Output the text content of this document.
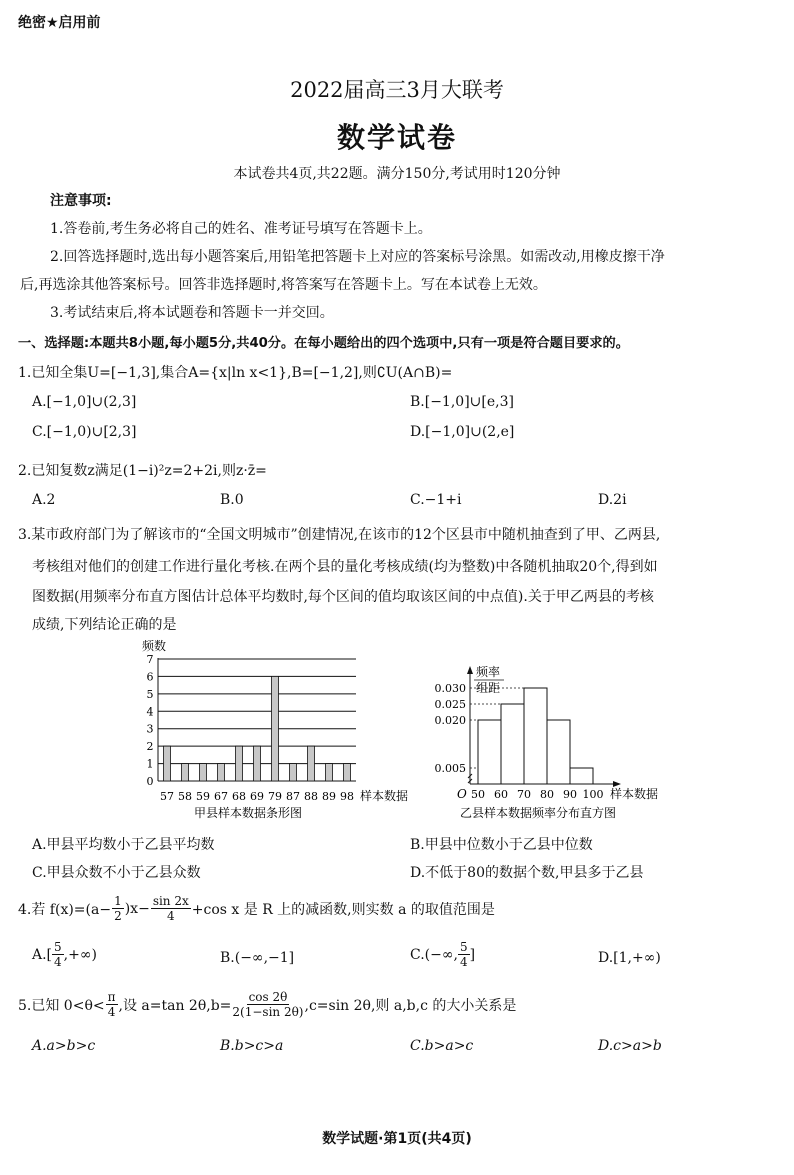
绝密★启用前
2022届高三3月大联考
数学试卷
本试卷共4页,共22题。满分150分,考试用时120分钟
注意事项:
1.答卷前,考生务必将自己的姓名、准考证号填写在答题卡上。
2.回答选择题时,选出每小题答案后,用铅笔把答题卡上对应的答案标号涂黑。如需改动,用橡皮擦干净
后,再选涂其他答案标号。回答非选择题时,将答案写在答题卡上。写在本试卷上无效。
3.考试结束后,将本试题卷和答题卡一并交回。
一、选择题:本题共8小题,每小题5分,共40分。在每小题给出的四个选项中,只有一项是符合题目要求的。
1.已知全集U=[−1,3],集合A={x|ln x<1},B=[−1,2],则∁U(A∩B)=
A.[−1,0]∪(2,3]	B.[−1,0]∪[e,3]
C.[−1,0)∪[2,3]	D.[−1,0]∪(2,e]
2.已知复数z满足(1−i)²z=2+2i,则z·z̄=
A.2	B.0	C.−1+i	D.2i
3.某市政府部门为了解该市的“全国文明城市”创建情况,在该市的12个区县市中随机抽查到了甲、乙两县,
考核组对他们的创建工作进行量化考核.在两个县的量化考核成绩(均为整数)中各随机抽取20个,得到如
图数据(用频率分布直方图估计总体平均数时,每个区间的值均取该区间的中点值).关于甲乙两县的考核
成绩,下列结论正确的是
频数
0
1
2
3
4
5
6
7
57 58 59 67 68 69 79 87 88 89 98 样本数据
甲县样本数据条形图
频率
组距
0.005
0.020
0.025
0.030
50 60 70 80 90 100
O	样本数据
乙县样本数据频率分布直方图
A.甲县平均数小于乙县平均数	B.甲县中位数小于乙县中位数
C.甲县众数不小于乙县众数	D.不低于80的数据个数,甲县多于乙县
4.若 $f(x)=(a- \frac{1}{2} )x- \frac{\sin 2x}{4} +\cos$ x 是 R 上的减函数,则实数 a 的取值范围是
$A.[ \frac{5}{4}$ ,+∞)	B.(−∞,−1]	C.(−∞, $\frac{5}{4}$ ]	D.[1,+∞)
5.已知 $0<\theta< \frac{\pi}{4}$ ,设 a=tan $2\theta,b= \frac{\cos 2\theta}{2(1-\sin 2\theta)} ,c=\sin$ 2θ,则 a,b,c 的大小关系是
A.a>b>c	B.b>c>a	C.b>a>c	D.c>a>b
数学试题·第1页(共4页)
